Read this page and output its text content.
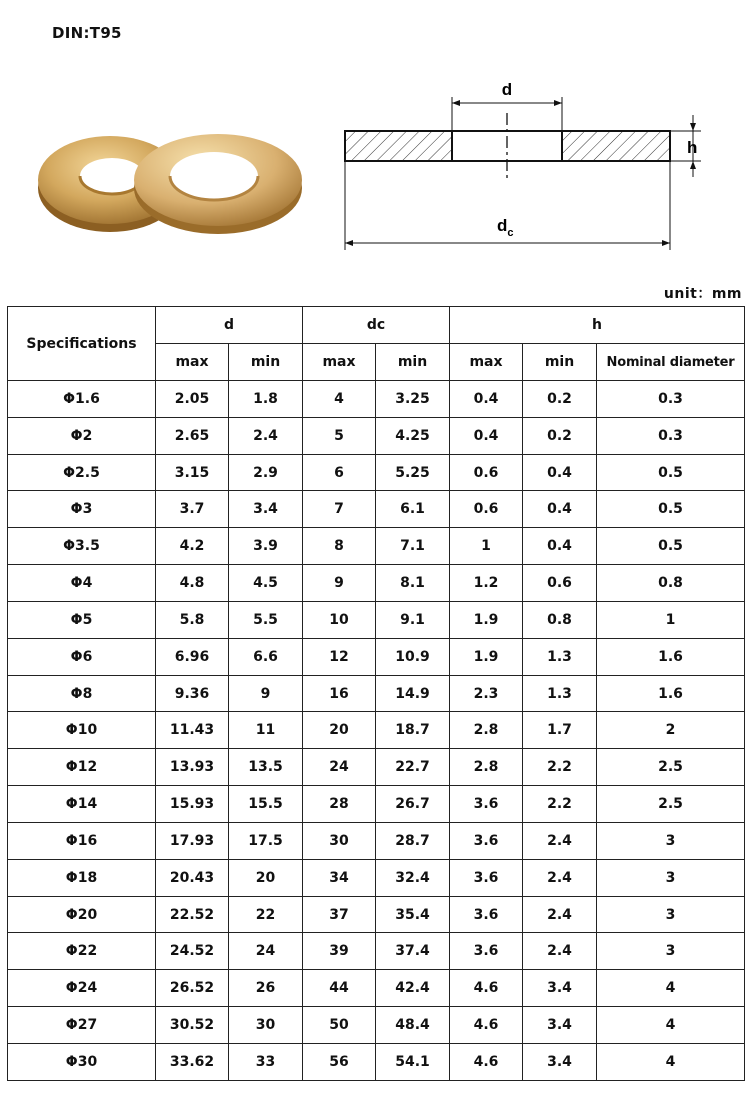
DIN:T95
d
h
$d_c$
unit：mm
Specifications	d		dc		h		
	max	min	max	min	max	min	Nominal diameter
Φ1.6	2.05	1.8	4	3.25	0.4	0.2	0.3
Φ2	2.65	2.4	5	4.25	0.4	0.2	0.3
Φ2.5	3.15	2.9	6	5.25	0.6	0.4	0.5
Φ3	3.7	3.4	7	6.1	0.6	0.4	0.5
Φ3.5	4.2	3.9	8	7.1	1	0.4	0.5
Φ4	4.8	4.5	9	8.1	1.2	0.6	0.8
Φ5	5.8	5.5	10	9.1	1.9	0.8	1
Φ6	6.96	6.6	12	10.9	1.9	1.3	1.6
Φ8	9.36	9	16	14.9	2.3	1.3	1.6
Φ10	11.43	11	20	18.7	2.8	1.7	2
Φ12	13.93	13.5	24	22.7	2.8	2.2	2.5
Φ14	15.93	15.5	28	26.7	3.6	2.2	2.5
Φ16	17.93	17.5	30	28.7	3.6	2.4	3
Φ18	20.43	20	34	32.4	3.6	2.4	3
Φ20	22.52	22	37	35.4	3.6	2.4	3
Φ22	24.52	24	39	37.4	3.6	2.4	3
Φ24	26.52	26	44	42.4	4.6	3.4	4
Φ27	30.52	30	50	48.4	4.6	3.4	4
Φ30	33.62	33	56	54.1	4.6	3.4	4
